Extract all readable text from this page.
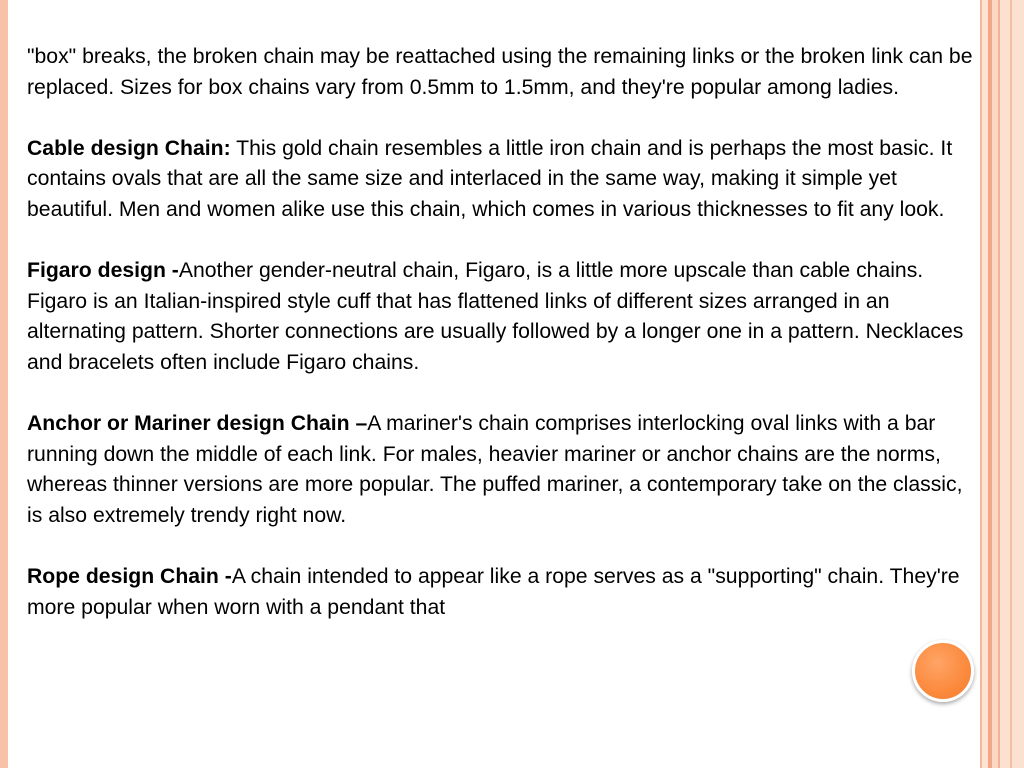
"box" breaks, the broken chain may be reattached using the remaining links or the broken link can be replaced. Sizes for box chains vary from 0.5mm to 1.5mm, and they're popular among ladies.

Cable design Chain: This gold chain resembles a little iron chain and is perhaps the most basic. It contains ovals that are all the same size and interlaced in the same way, making it simple yet beautiful. Men and women alike use this chain, which comes in various thicknesses to fit any look.

Figaro design -Another gender-neutral chain, Figaro, is a little more upscale than cable chains. Figaro is an Italian-inspired style cuff that has flattened links of different sizes arranged in an alternating pattern. Shorter connections are usually followed by a longer one in a pattern. Necklaces and bracelets often include Figaro chains.

Anchor or Mariner design Chain –A mariner's chain comprises interlocking oval links with a bar running down the middle of each link. For males, heavier mariner or anchor chains are the norms, whereas thinner versions are more popular. The puffed mariner, a contemporary take on the classic, is also extremely trendy right now.

Rope design Chain -A chain intended to appear like a rope serves as a "supporting" chain. They're more popular when worn with a pendant that
